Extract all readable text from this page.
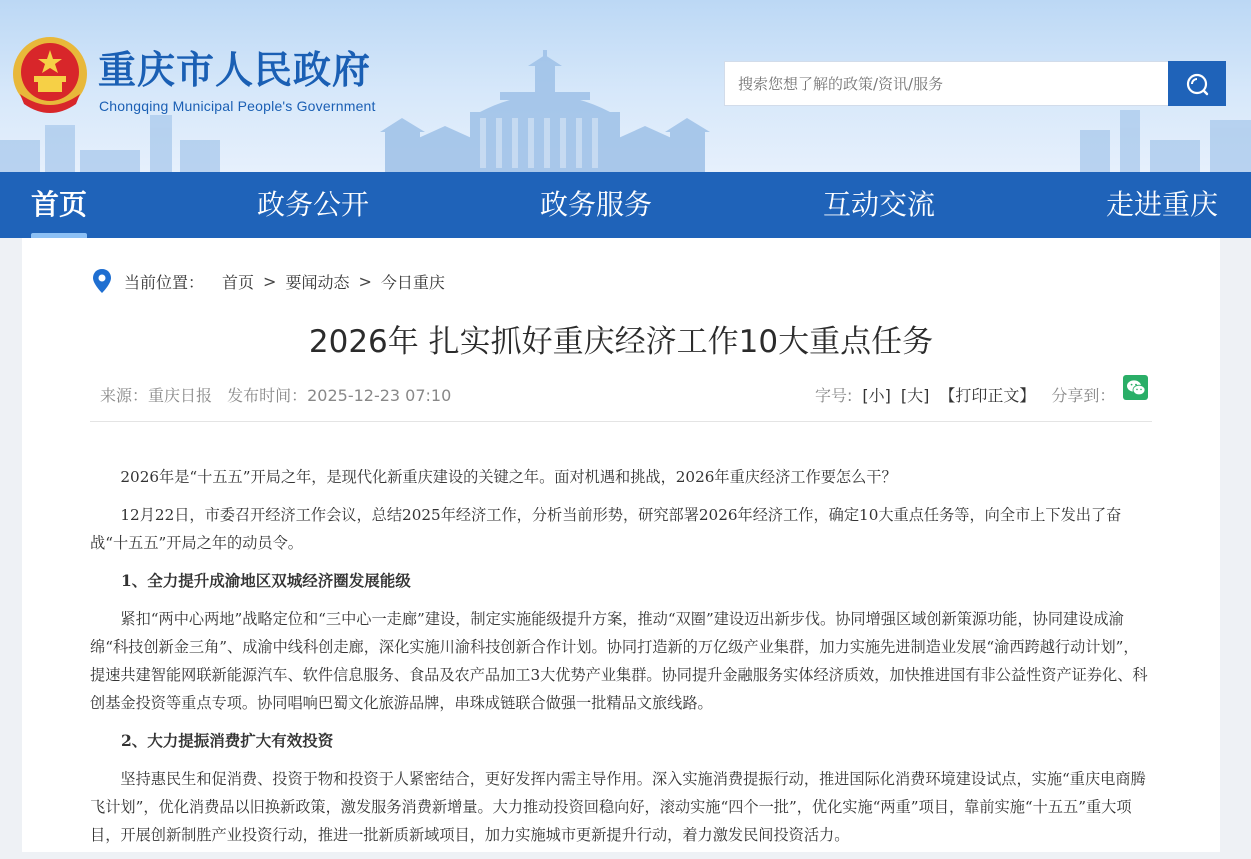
重庆市人民政府
Chongqing Municipal People's Government
搜索您想了解的政策/资讯/服务
首页	政务公开	政务服务	互动交流	走进重庆
当前位置： 首页 > 要闻动态 > 今日重庆
2026年 扎实抓好重庆经济工作10大重点任务
来源：重庆日报 发布时间：2025-12-23 07:10	字号: [小] [大] 【打印正文】 分享到：

2026年是“十五五”开局之年，是现代化新重庆建设的关键之年。面对机遇和挑战，2026年重庆经济工作要怎么干？

12月22日，市委召开经济工作会议，总结2025年经济工作，分析当前形势，研究部署2026年经济工作，确定10大重点任务等，向全市上下发出了奋战“十五五”开局之年的动员令。

1、全力提升成渝地区双城经济圈发展能级

紧扣“两中心两地”战略定位和“三中心一走廊”建设，制定实施能级提升方案，推动“双圈”建设迈出新步伐。协同增强区域创新策源功能，协同建设成渝绵“科技创新金三角”、成渝中线科创走廊，深化实施川渝科技创新合作计划。协同打造新的万亿级产业集群，加力实施先进制造业发展“渝西跨越行动计划”，提速共建智能网联新能源汽车、软件信息服务、食品及农产品加工3大优势产业集群。协同提升金融服务实体经济质效，加快推进国有非公益性资产证券化、科创基金投资等重点专项。协同唱响巴蜀文化旅游品牌，串珠成链联合做强一批精品文旅线路。

2、大力提振消费扩大有效投资

坚持惠民生和促消费、投资于物和投资于人紧密结合，更好发挥内需主导作用。深入实施消费提振行动，推进国际化消费环境建设试点，实施“重庆电商腾飞计划”，优化消费品以旧换新政策，激发服务消费新增量。大力推动投资回稳向好，滚动实施“四个一批”，优化实施“两重”项目，靠前实施“十五五”重大项目，开展创新制胜产业投资行动，推进一批新质新域项目，加力实施城市更新提升行动，着力激发民间投资活力。
